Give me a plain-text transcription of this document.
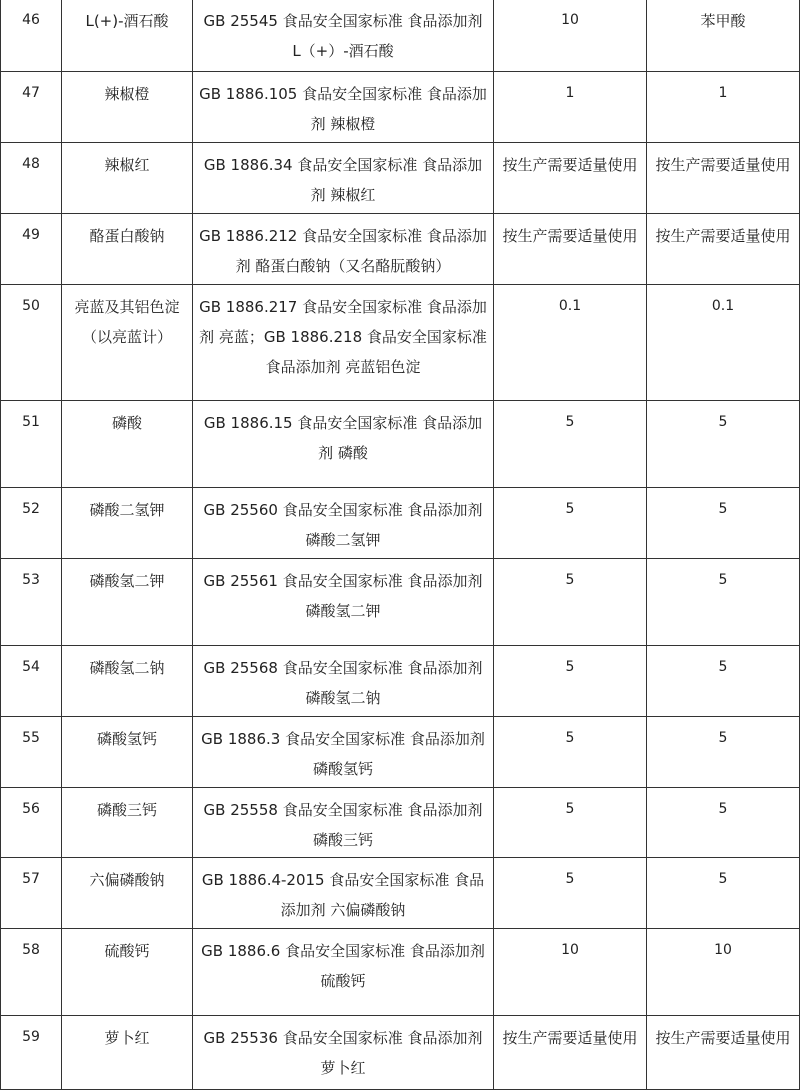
46	L(+)-酒石酸	GB 25545 食品安全国家标准 食品添加剂 L（+）-酒石酸	10	苯甲酸
47	辣椒橙	GB 1886.105 食品安全国家标准 食品添加剂 辣椒橙	1	1
48	辣椒红	GB 1886.34 食品安全国家标准 食品添加剂 辣椒红	按生产需要适量使用	按生产需要适量使用
49	酪蛋白酸钠	GB 1886.212 食品安全国家标准 食品添加剂 酪蛋白酸钠（又名酪朊酸钠）	按生产需要适量使用	按生产需要适量使用
50	亮蓝及其铝色淀（以亮蓝计）	GB 1886.217 食品安全国家标准 食品添加剂 亮蓝；GB 1886.218 食品安全国家标准 食品添加剂 亮蓝铝色淀	0.1	0.1
51	磷酸	GB 1886.15 食品安全国家标准 食品添加剂 磷酸	5	5
52	磷酸二氢钾	GB 25560 食品安全国家标准 食品添加剂 磷酸二氢钾	5	5
53	磷酸氢二钾	GB 25561 食品安全国家标准 食品添加剂 磷酸氢二钾	5	5
54	磷酸氢二钠	GB 25568 食品安全国家标准 食品添加剂 磷酸氢二钠	5	5
55	磷酸氢钙	GB 1886.3 食品安全国家标准 食品添加剂 磷酸氢钙	5	5
56	磷酸三钙	GB 25558 食品安全国家标准 食品添加剂 磷酸三钙	5	5
57	六偏磷酸钠	GB 1886.4-2015 食品安全国家标准 食品添加剂 六偏磷酸钠	5	5
58	硫酸钙	GB 1886.6 食品安全国家标准 食品添加剂 硫酸钙	10	10
59	萝卜红	GB 25536 食品安全国家标准 食品添加剂 萝卜红	按生产需要适量使用	按生产需要适量使用
